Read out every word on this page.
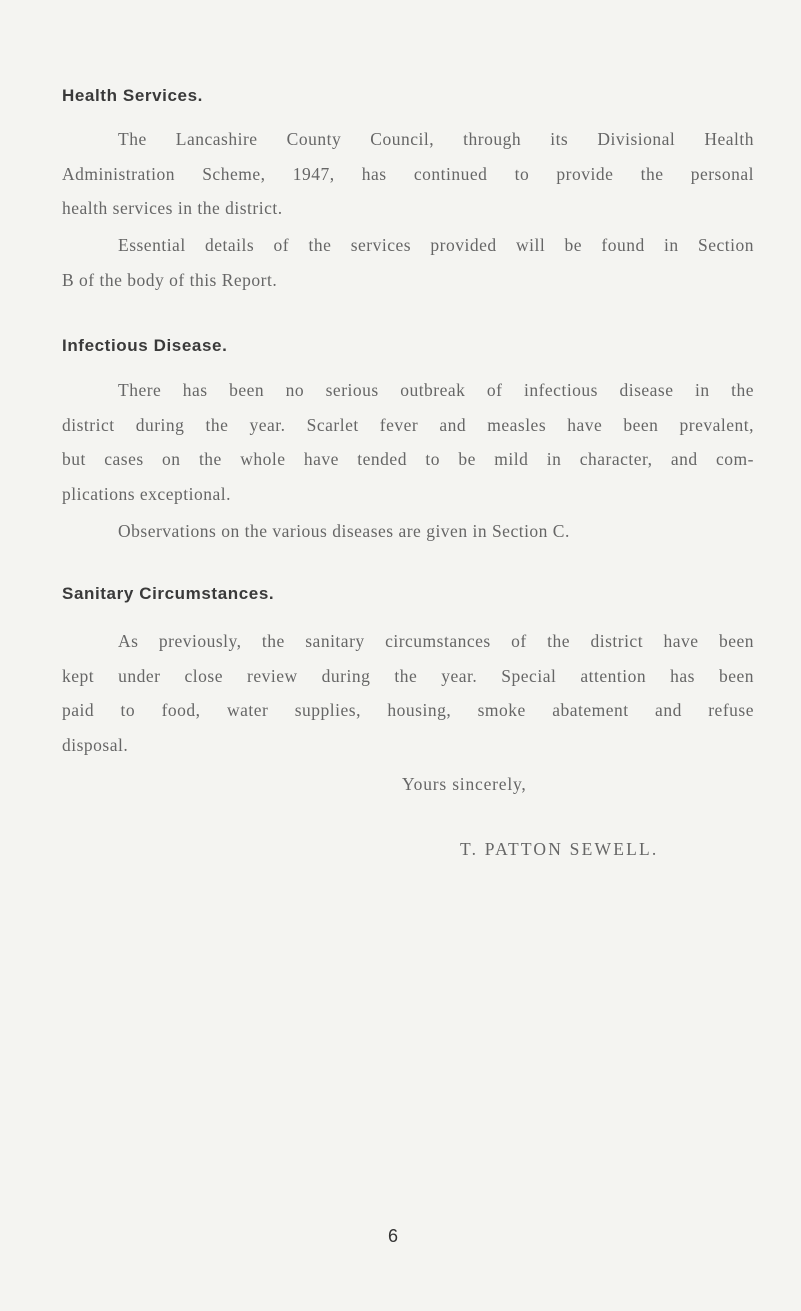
Health Services.
The Lancashire County Council, through its Divisional Health
Administration Scheme, 1947, has continued to provide the personal
health services in the district.
Essential details of the services provided will be found in Section
B of the body of this Report.
Infectious Disease.
There has been no serious outbreak of infectious disease in the
district during the year. Scarlet fever and measles have been prevalent,
but cases on the whole have tended to be mild in character, and com-
plications exceptional.
Observations on the various diseases are given in Section C.
Sanitary Circumstances.
As previously, the sanitary circumstances of the district have been
kept under close review during the year. Special attention has been
paid to food, water supplies, housing, smoke abatement and refuse
disposal.
Yours sincerely,
T. PATTON SEWELL.
6
